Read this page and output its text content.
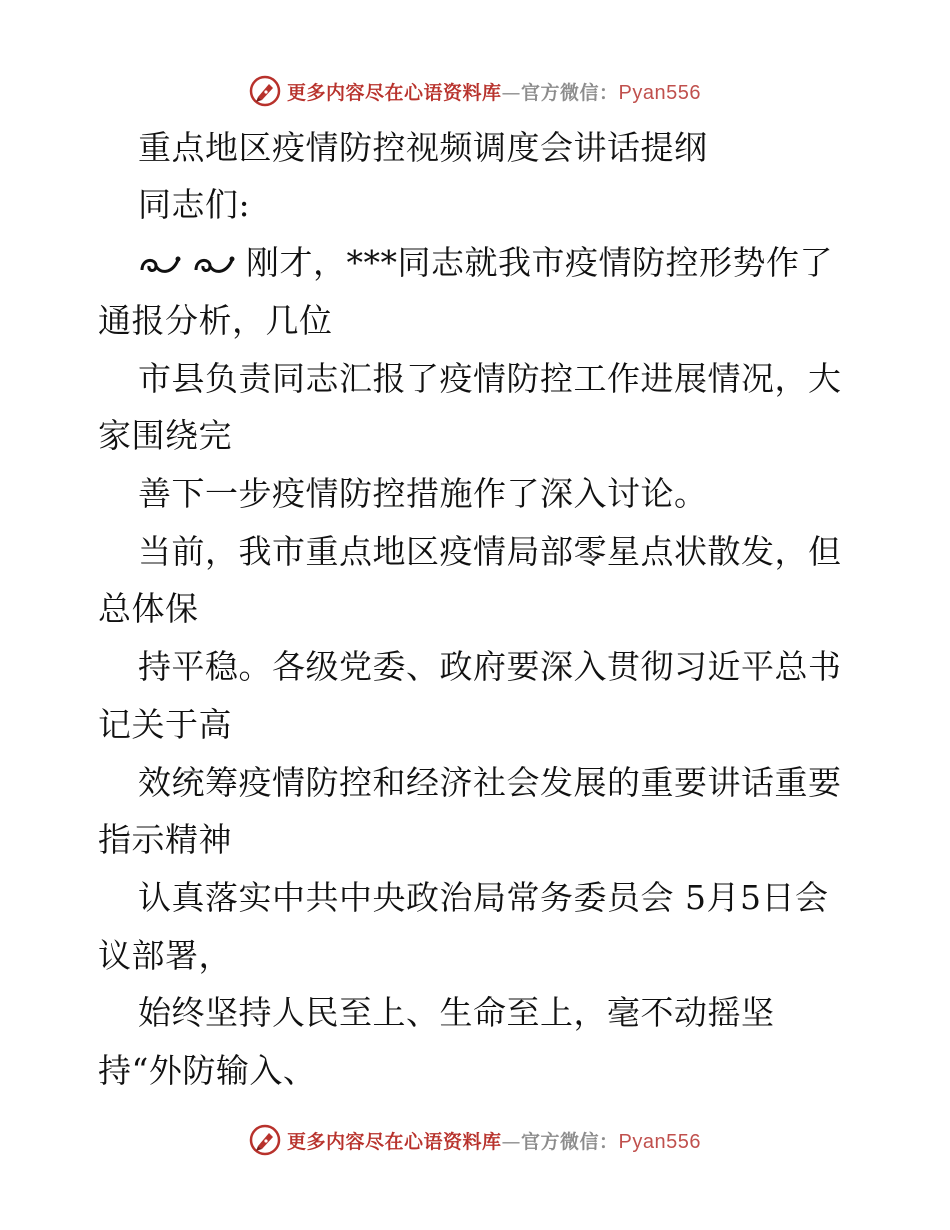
更多内容尽在心语资料库—官方微信：Pyan556
重点地区疫情防控视频调度会讲话提纲
同志们:
刚才，***同志就我市疫情防控形势作了
通报分析，几位
市县负责同志汇报了疫情防控工作进展情况，大
家围绕完
善下一步疫情防控措施作了深入讨论。
当前，我市重点地区疫情局部零星点状散发，但
总体保
持平稳。各级党委、政府要深入贯彻习近平总书
记关于高
效统筹疫情防控和经济社会发展的重要讲话重要
指示精神
认真落实中共中央政治局常务委员会 5月5日会
议部署，
始终坚持人民至上、生命至上，毫不动摇坚
持“外防输入、
更多内容尽在心语资料库—官方微信：Pyan556
